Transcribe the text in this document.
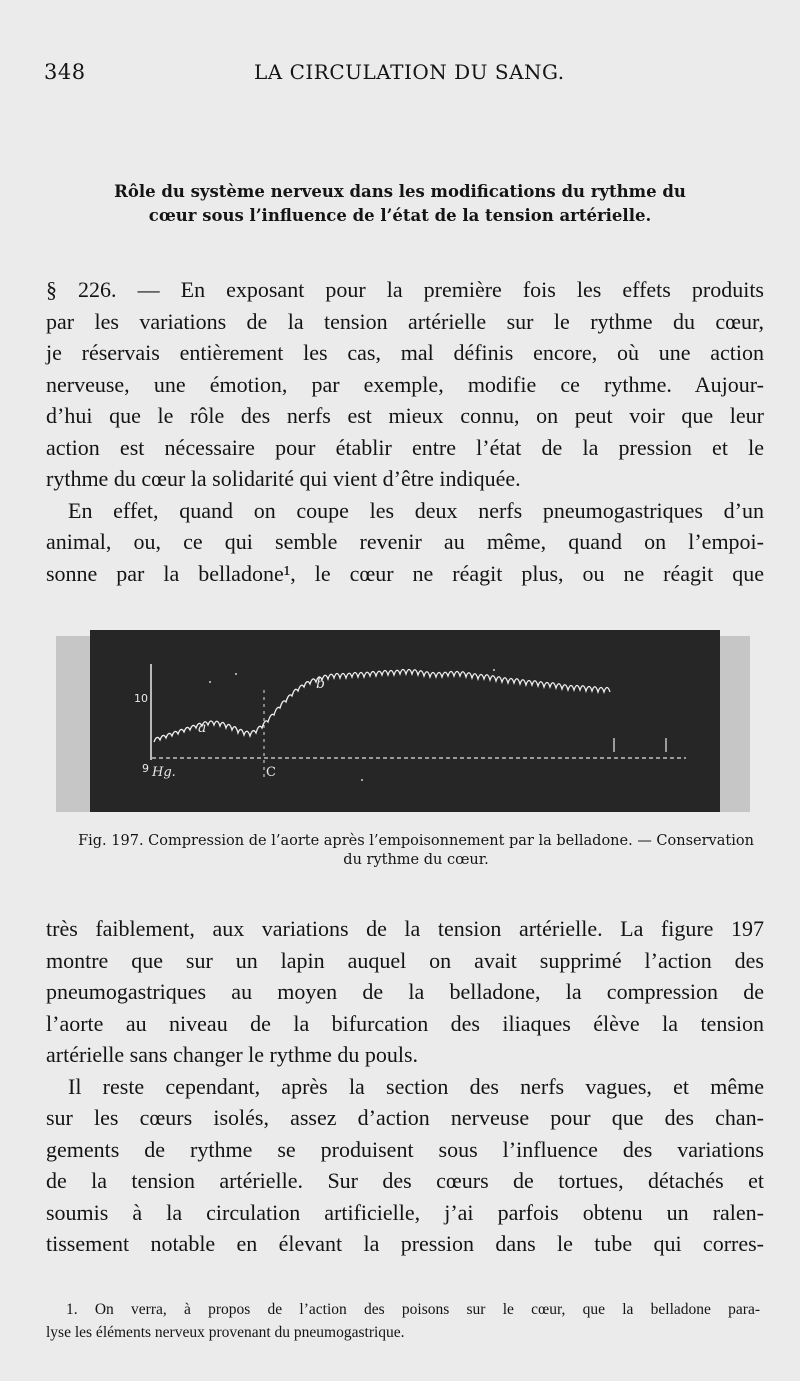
348	LA CIRCULATION DU SANG.
Rôle du système nerveux dans les modifications du rythme du
cœur sous l’influence de l’état de la tension artérielle.
§ 226. — En exposant pour la première fois les effets produits
par les variations de la tension artérielle sur le rythme du cœur,
je réservais entièrement les cas, mal définis encore, où une action
nerveuse, une émotion, par exemple, modifie ce rythme. Aujour-
d’hui que le rôle des nerfs est mieux connu, on peut voir que leur
action est nécessaire pour établir entre l’état de la pression et le
rythme du cœur la solidarité qui vient d’être indiquée.
En effet, quand on coupe les deux nerfs pneumogastriques d’un
animal, ou, ce qui semble revenir au même, quand on l’empoi-
sonne par la belladone¹, le cœur ne réagit plus, ou ne réagit que
10
9 Hg.	C
a
b
Fig. 197. Compression de l’aorte après l’empoisonnement par la belladone. — Conservation
du rythme du cœur.
très faiblement, aux variations de la tension artérielle. La figure 197
montre que sur un lapin auquel on avait supprimé l’action des
pneumogastriques au moyen de la belladone, la compression de
l’aorte au niveau de la bifurcation des iliaques élève la tension
artérielle sans changer le rythme du pouls.
Il reste cependant, après la section des nerfs vagues, et même
sur les cœurs isolés, assez d’action nerveuse pour que des chan-
gements de rythme se produisent sous l’influence des variations
de la tension artérielle. Sur des cœurs de tortues, détachés et
soumis à la circulation artificielle, j’ai parfois obtenu un ralen-
tissement notable en élevant la pression dans le tube qui corres-
1. On verra, à propos de l’action des poisons sur le cœur, que la belladone para-
lyse les éléments nerveux provenant du pneumogastrique.
